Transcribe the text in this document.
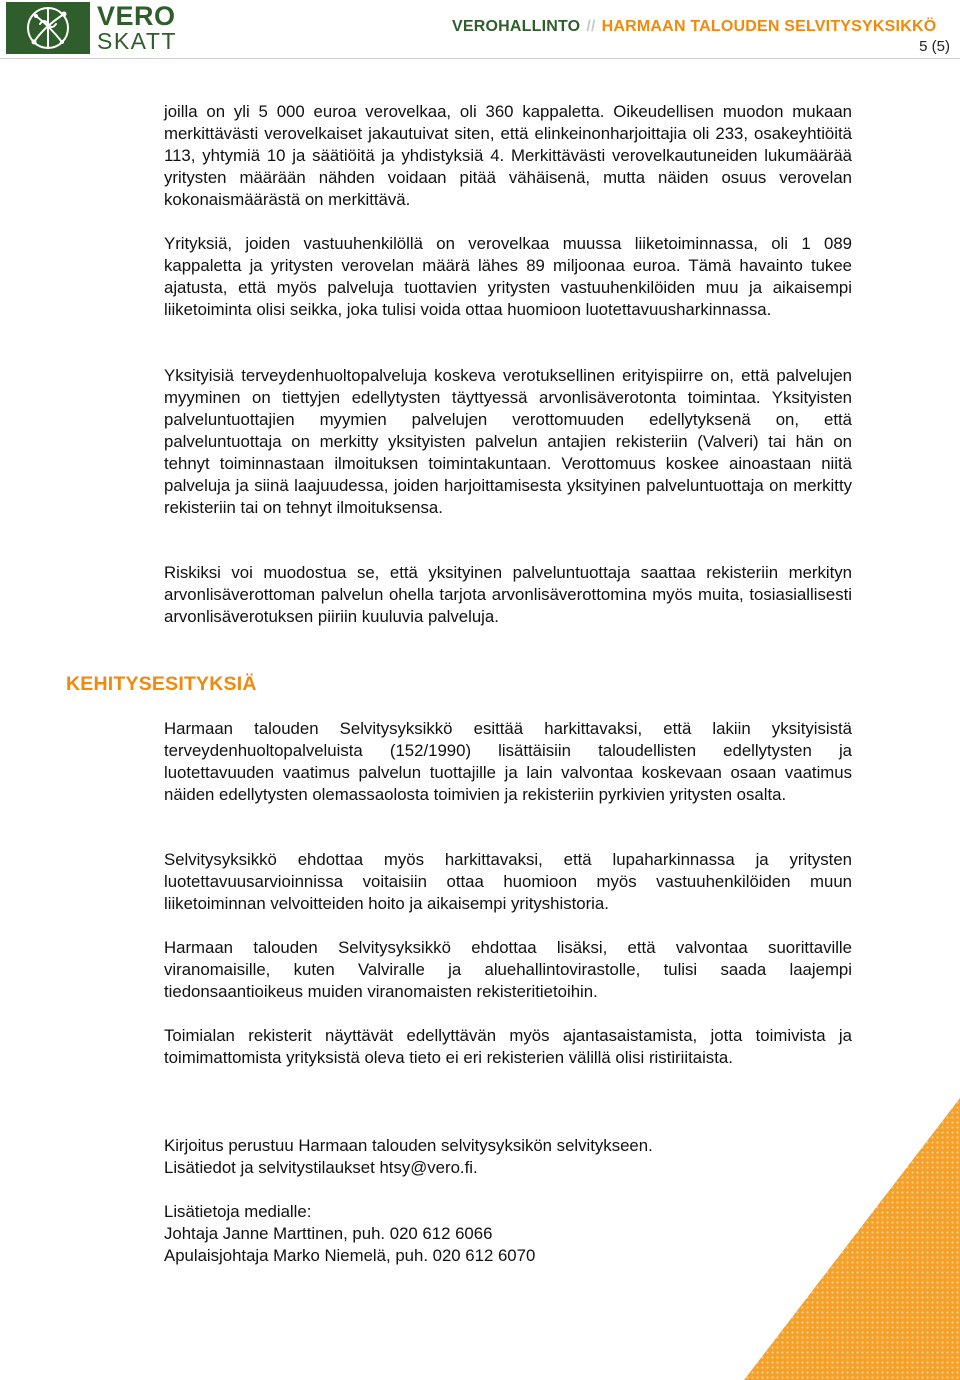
VERO
SKATT
VEROHALLINTO // HARMAAN TALOUDEN SELVITYSYKSIKKÖ
5 (5)

joilla on yli 5 000 euroa verovelkaa, oli 360 kappaletta. Oikeudellisen muodon mukaan merkittävästi verovelkaiset jakautuivat siten, että elinkeinonharjoittajia oli 233, osakeyhtiöitä 113, yhtymiä 10 ja säätiöitä ja yhdistyksiä 4. Merkittävästi verovelkautuneiden lukumäärää yritysten määrään nähden voidaan pitää vähäisenä, mutta näiden osuus verovelan kokonaismäärästä on merkittävä.

Yrityksiä, joiden vastuuhenkilöllä on verovelkaa muussa liiketoiminnassa, oli 1 089 kappaletta ja yritysten verovelan määrä lähes 89 miljoonaa euroa. Tämä havainto tukee ajatusta, että myös palveluja tuottavien yritysten vastuuhenkilöiden muu ja aikaisempi liiketoiminta olisi seikka, joka tulisi voida ottaa huomioon luotettavuusharkinnassa.

Yksityisiä terveydenhuoltopalveluja koskeva verotuksellinen erityispiirre on, että palvelujen myyminen on tiettyjen edellytysten täyttyessä arvonlisäverotonta toimintaa. Yksityisten palveluntuottajien myymien palvelujen verottomuuden edellytyksenä on, että palveluntuottaja on merkitty yksityisten palvelun antajien rekisteriin (Valveri) tai hän on tehnyt toiminnastaan ilmoituksen toimintakuntaan. Verottomuus koskee ainoastaan niitä palveluja ja siinä laajuudessa, joiden harjoittamisesta yksityinen palveluntuottaja on merkitty rekisteriin tai on tehnyt ilmoituksensa.

Riskiksi voi muodostua se, että yksityinen palveluntuottaja saattaa rekisteriin merkityn arvonlisäverottoman palvelun ohella tarjota arvonlisäverottomina myös muita, tosiasiallisesti arvonlisäverotuksen piiriin kuuluvia palveluja.

KEHITYSESITYKSIÄ

Harmaan talouden Selvitysyksikkö esittää harkittavaksi, että lakiin yksityisistä terveydenhuoltopalveluista (152/1990) lisättäisiin taloudellisten edellytysten ja luotettavuuden vaatimus palvelun tuottajille ja lain valvontaa koskevaan osaan vaatimus näiden edellytysten olemassaolosta toimivien ja rekisteriin pyrkivien yritysten osalta.

Selvitysyksikkö ehdottaa myös harkittavaksi, että lupaharkinnassa ja yritysten luotettavuusarvioinnissa voitaisiin ottaa huomioon myös vastuuhenkilöiden muun liiketoiminnan velvoitteiden hoito ja aikaisempi yrityshistoria.

Harmaan talouden Selvitysyksikkö ehdottaa lisäksi, että valvontaa suorittaville viranomaisille, kuten Valviralle ja aluehallintovirastolle, tulisi saada laajempi tiedonsaantioikeus muiden viranomaisten rekisteritietoihin.

Toimialan rekisterit näyttävät edellyttävän myös ajantasaistamista, jotta toimivista ja toimimattomista yrityksistä oleva tieto ei eri rekisterien välillä olisi ristiriitaista.

Kirjoitus perustuu Harmaan talouden selvitysyksikön selvitykseen.
Lisätiedot ja selvitystilaukset htsy@vero.fi.
Lisätietoja medialle:
Johtaja Janne Marttinen, puh. 020 612 6066
Apulaisjohtaja Marko Niemelä, puh. 020 612 6070
